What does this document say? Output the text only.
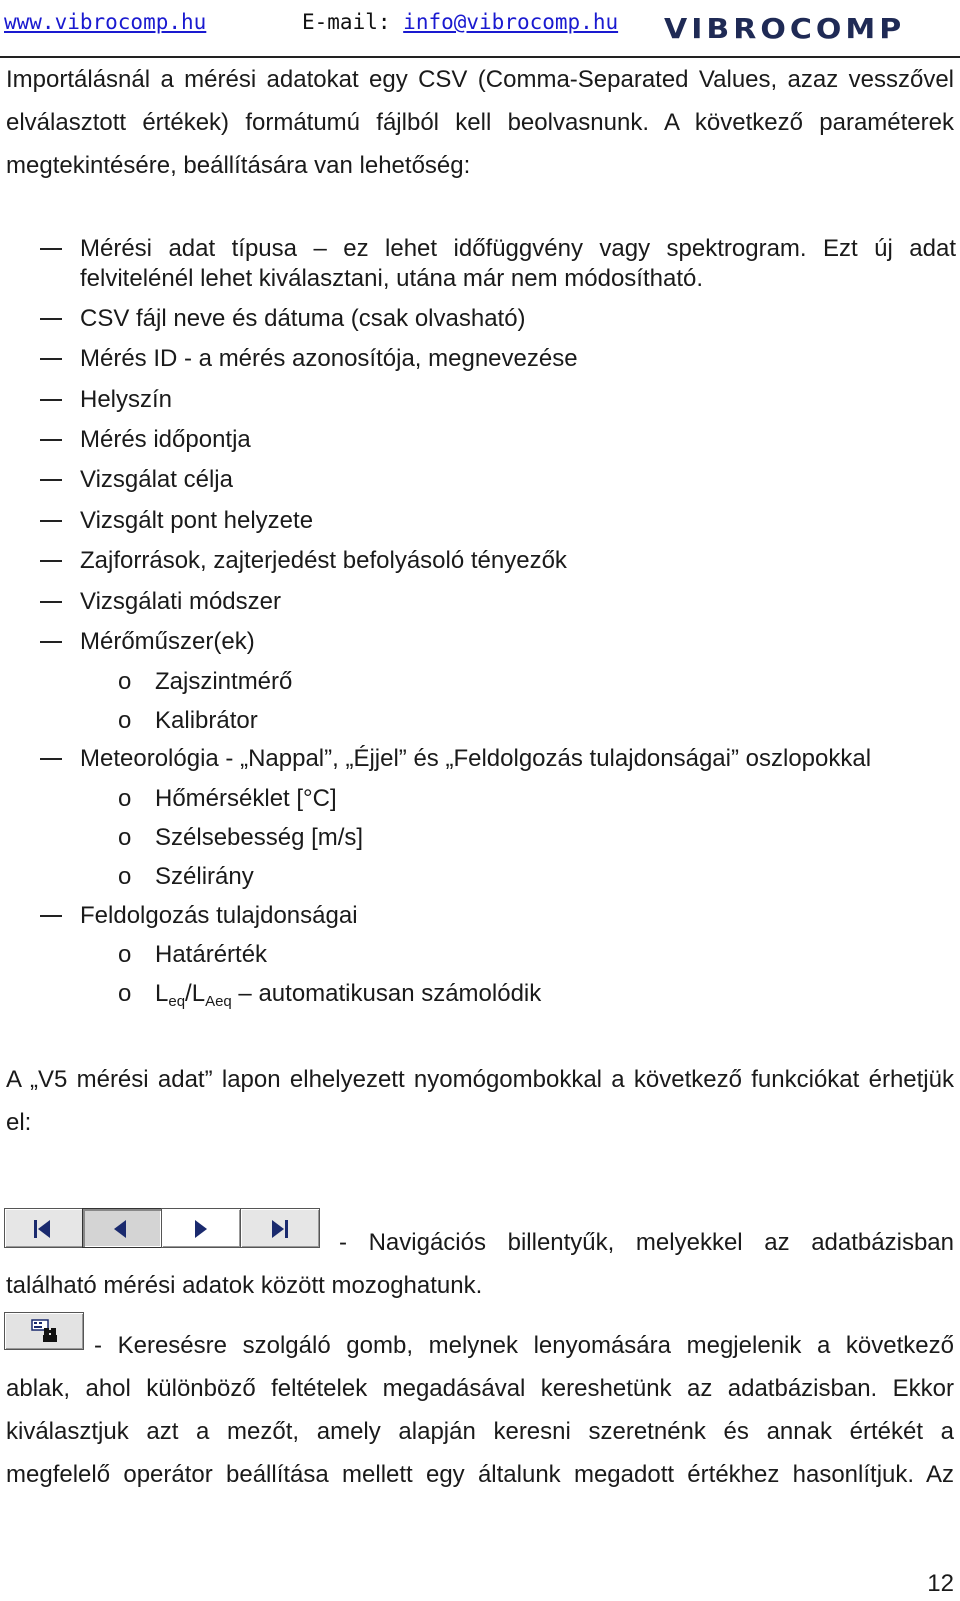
www.vibrocomp.hu	E-mail: info@vibrocomp.hu VIBROCOMP
Importálásnál a mérési adatokat egy CSV (Comma-Separated Values, azaz vesszővel elválasztott értékek) formátumú fájlból kell beolvasnunk. A következő paraméterek megtekintésére, beállítására van lehetőség:
Mérési adat típusa – ez lehet időfüggvény vagy spektrogram. Ezt új adat felvitelénél lehet kiválasztani, utána már nem módosítható.
CSV fájl neve és dátuma (csak olvasható)
Mérés ID - a mérés azonosítója, megnevezése
Helyszín
Mérés időpontja
Vizsgálat célja
Vizsgált pont helyzete
Zajforrások, zajterjedést befolyásoló tényezők
Vizsgálati módszer
Mérőműszer(ek)
o Zajszintmérő
o Kalibrátor
Meteorológia - „Nappal”, „Éjjel” és „Feldolgozás tulajdonságai” oszlopokkal
o Hőmérséklet [°C]
o Szélsebesség [m/s]
o Szélirány
Feldolgozás tulajdonságai
o Határérték
o $L_{eq}/L_{Aeq}$ – automatikusan számolódik
A „V5 mérési adat” lapon elhelyezett nyomógombokkal a következő funkciókat érhetjük el:
- Navigációs billentyűk, melyekkel az adatbázisban
található mérési adatok között mozoghatunk.
- Keresésre szolgáló gomb, melynek lenyomására megjelenik a következő
ablak, ahol különböző feltételek megadásával kereshetünk az adatbázisban. Ekkor
kiválasztjuk azt a mezőt, amely alapján keresni szeretnénk és annak értékét a
megfelelő operátor beállítása mellett egy általunk megadott értékhez hasonlítjuk. Az
12
